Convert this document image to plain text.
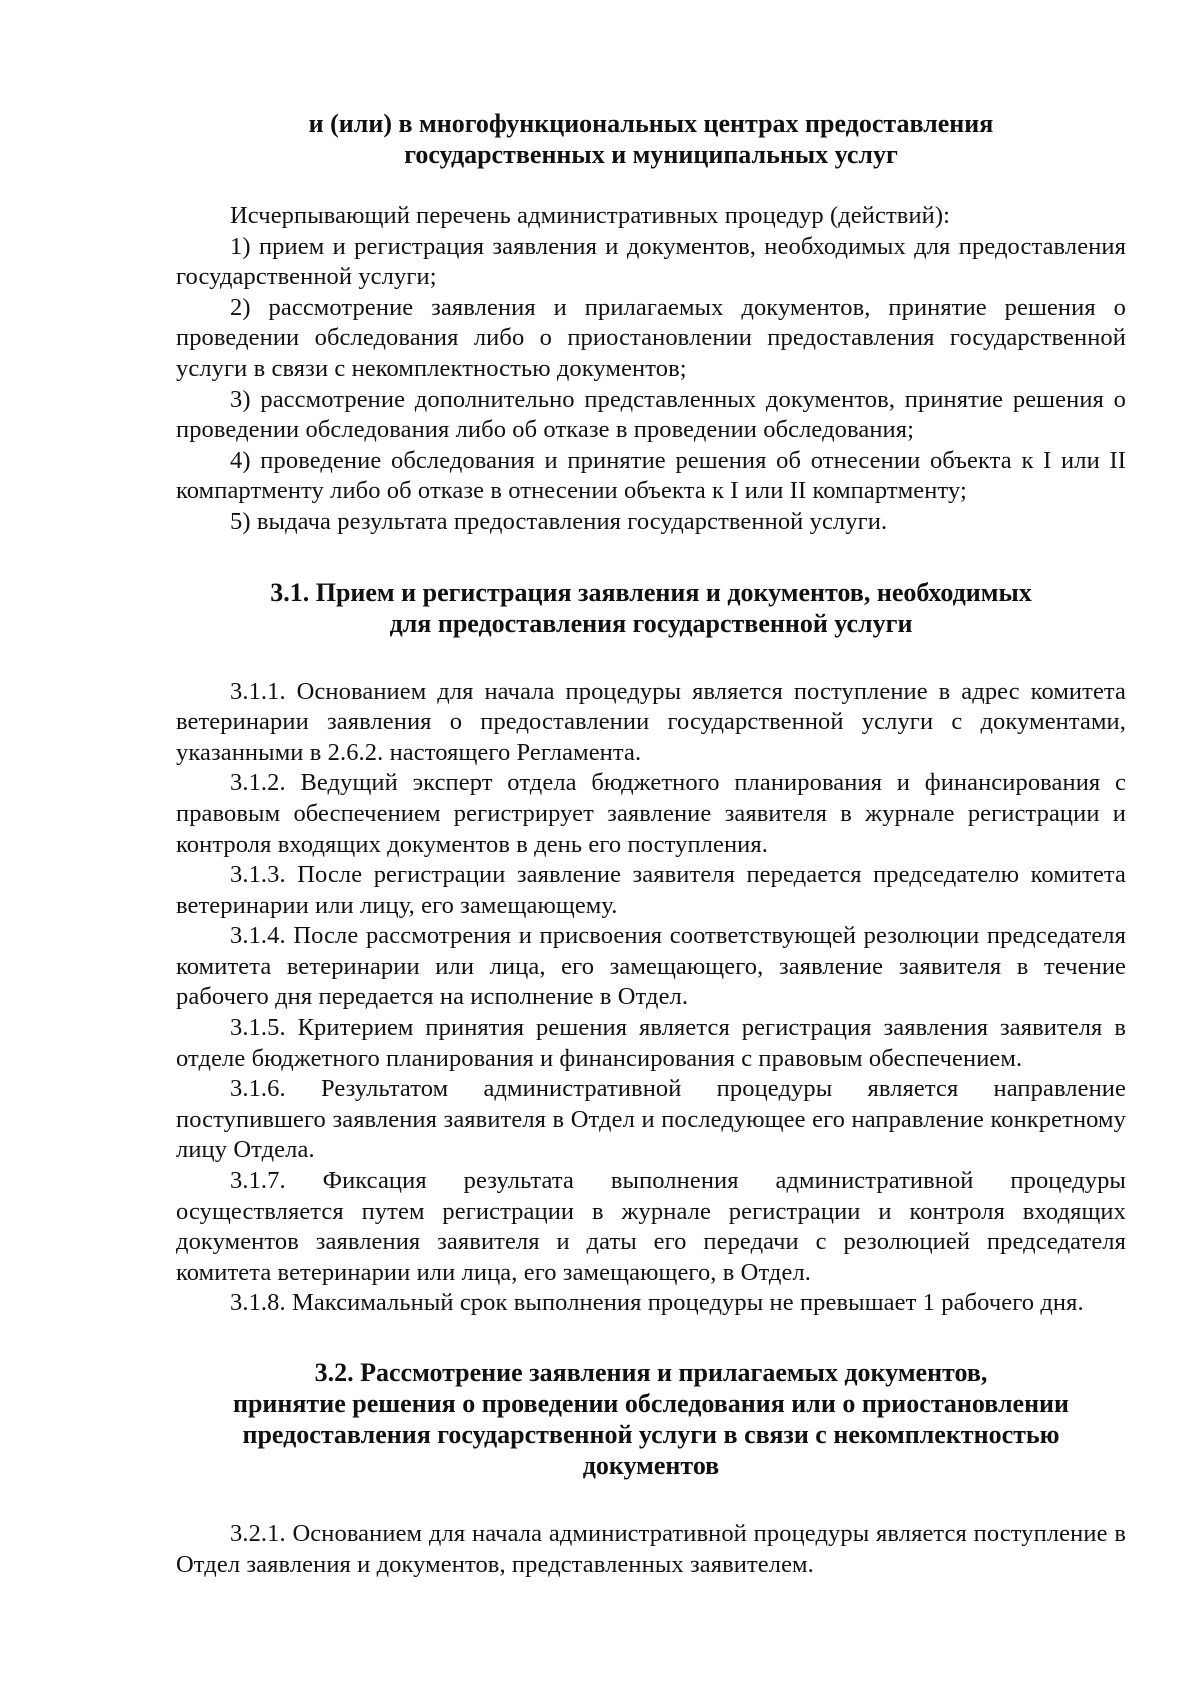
и (или) в многофункциональных центрах предоставления
государственных и муниципальных услуг

Исчерпывающий перечень административных процедур (действий):

1) прием и регистрация заявления и документов, необходимых для предоставления государственной услуги;

2) рассмотрение заявления и прилагаемых документов, принятие решения о проведении обследования либо о приостановлении предоставления государственной услуги в связи с некомплектностью документов;

3) рассмотрение дополнительно представленных документов, принятие решения о проведении обследования либо об отказе в проведении обследования;

4) проведение обследования и принятие решения об отнесении объекта к I или II компартменту либо об отказе в отнесении объекта к I или II компартменту;

5) выдача результата предоставления государственной услуги.

3.1. Прием и регистрация заявления и документов, необходимых
для предоставления государственной услуги

3.1.1. Основанием для начала процедуры является поступление в адрес комитета ветеринарии заявления о предоставлении государственной услуги с документами, указанными в 2.6.2. настоящего Регламента.

3.1.2. Ведущий эксперт отдела бюджетного планирования и финансирования с правовым обеспечением регистрирует заявление заявителя в журнале регистрации и контроля входящих документов в день его поступления.

3.1.3. После регистрации заявление заявителя передается председателю комитета ветеринарии или лицу, его замещающему.

3.1.4. После рассмотрения и присвоения соответствующей резолюции председателя комитета ветеринарии или лица, его замещающего, заявление заявителя в течение рабочего дня передается на исполнение в Отдел.

3.1.5. Критерием принятия решения является регистрация заявления заявителя в отделе бюджетного планирования и финансирования с правовым обеспечением.

3.1.6. Результатом административной процедуры является направление поступившего заявления заявителя в Отдел и последующее его направление конкретному лицу Отдела.

3.1.7. Фиксация результата выполнения административной процедуры осуществляется путем регистрации в журнале регистрации и контроля входящих документов заявления заявителя и даты его передачи с резолюцией председателя комитета ветеринарии или лица, его замещающего, в Отдел.

3.1.8. Максимальный срок выполнения процедуры не превышает 1 рабочего дня.

3.2. Рассмотрение заявления и прилагаемых документов,
принятие решения о проведении обследования или о приостановлении
предоставления государственной услуги в связи с некомплектностью
документов

3.2.1. Основанием для начала административной процедуры является поступление в Отдел заявления и документов, представленных заявителем.
